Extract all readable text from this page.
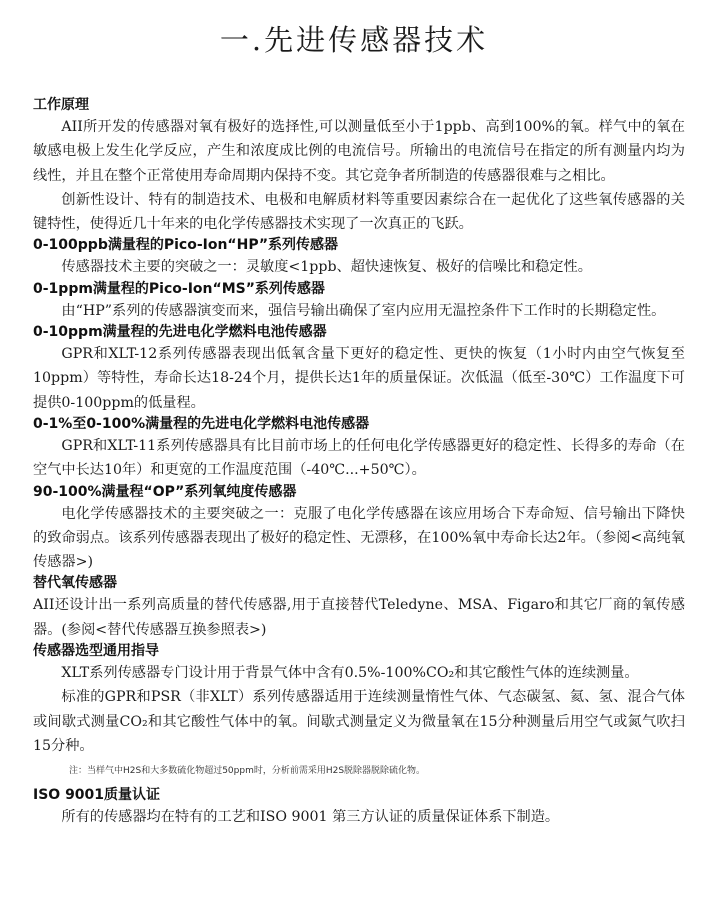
一.先进传感器技术
工作原理

AII所开发的传感器对氧有极好的选择性,可以测量低至小于1ppb、高到100%的氧。样气中的氧在敏感电极上发生化学反应，产生和浓度成比例的电流信号。所输出的电流信号在指定的所有测量内均为线性，并且在整个正常使用寿命周期内保持不变。其它竞争者所制造的传感器很难与之相比。

创新性设计、特有的制造技术、电极和电解质材料等重要因素综合在一起优化了这些氧传感器的关键特性，使得近几十年来的电化学传感器技术实现了一次真正的飞跃。

0-100ppb满量程的Pico-Ion“HP”系列传感器

传感器技术主要的突破之一：灵敏度<1ppb、超快速恢复、极好的信噪比和稳定性。

0-1ppm满量程的Pico-Ion“MS”系列传感器

由“HP”系列的传感器演变而来，强信号输出确保了室内应用无温控条件下工作时的长期稳定性。

0-10ppm满量程的先进电化学燃料电池传感器

GPR和XLT-12系列传感器表现出低氧含量下更好的稳定性、更快的恢复（1小时内由空气恢复至10ppm）等特性，寿命长达18-24个月，提供长达1年的质量保证。次低温（低至-30℃）工作温度下可提供0-100ppm的低量程。

0-1%至0-100%满量程的先进电化学燃料电池传感器

GPR和XLT-11系列传感器具有比目前市场上的任何电化学传感器更好的稳定性、长得多的寿命（在空气中长达10年）和更宽的工作温度范围（-40℃...+50℃）。

90-100%满量程“OP”系列氧纯度传感器

电化学传感器技术的主要突破之一：克服了电化学传感器在该应用场合下寿命短、信号输出下降快的致命弱点。该系列传感器表现出了极好的稳定性、无漂移，在100%氧中寿命长达2年。（参阅<高纯氧传感器>)

替代氧传感器

AII还设计出一系列高质量的替代传感器,用于直接替代Teledyne、MSA、Figaro和其它厂商的氧传感器。(参阅<替代传感器互换参照表>)

传感器选型通用指导

XLT系列传感器专门设计用于背景气体中含有0.5%-100%CO₂和其它酸性气体的连续测量。

标准的GPR和PSR（非XLT）系列传感器适用于连续测量惰性气体、气态碳氢、氦、氢、混合气体或间歇式测量CO₂和其它酸性气体中的氧。间歇式测量定义为微量氧在15分种测量后用空气或氮气吹扫15分种。

注：当样气中H2S和大多数硫化物超过50ppm时，分析前需采用H2S脱除器脱除硫化物。
ISO 9001质量认证

所有的传感器均在特有的工艺和ISO 9001 第三方认证的质量保证体系下制造。
